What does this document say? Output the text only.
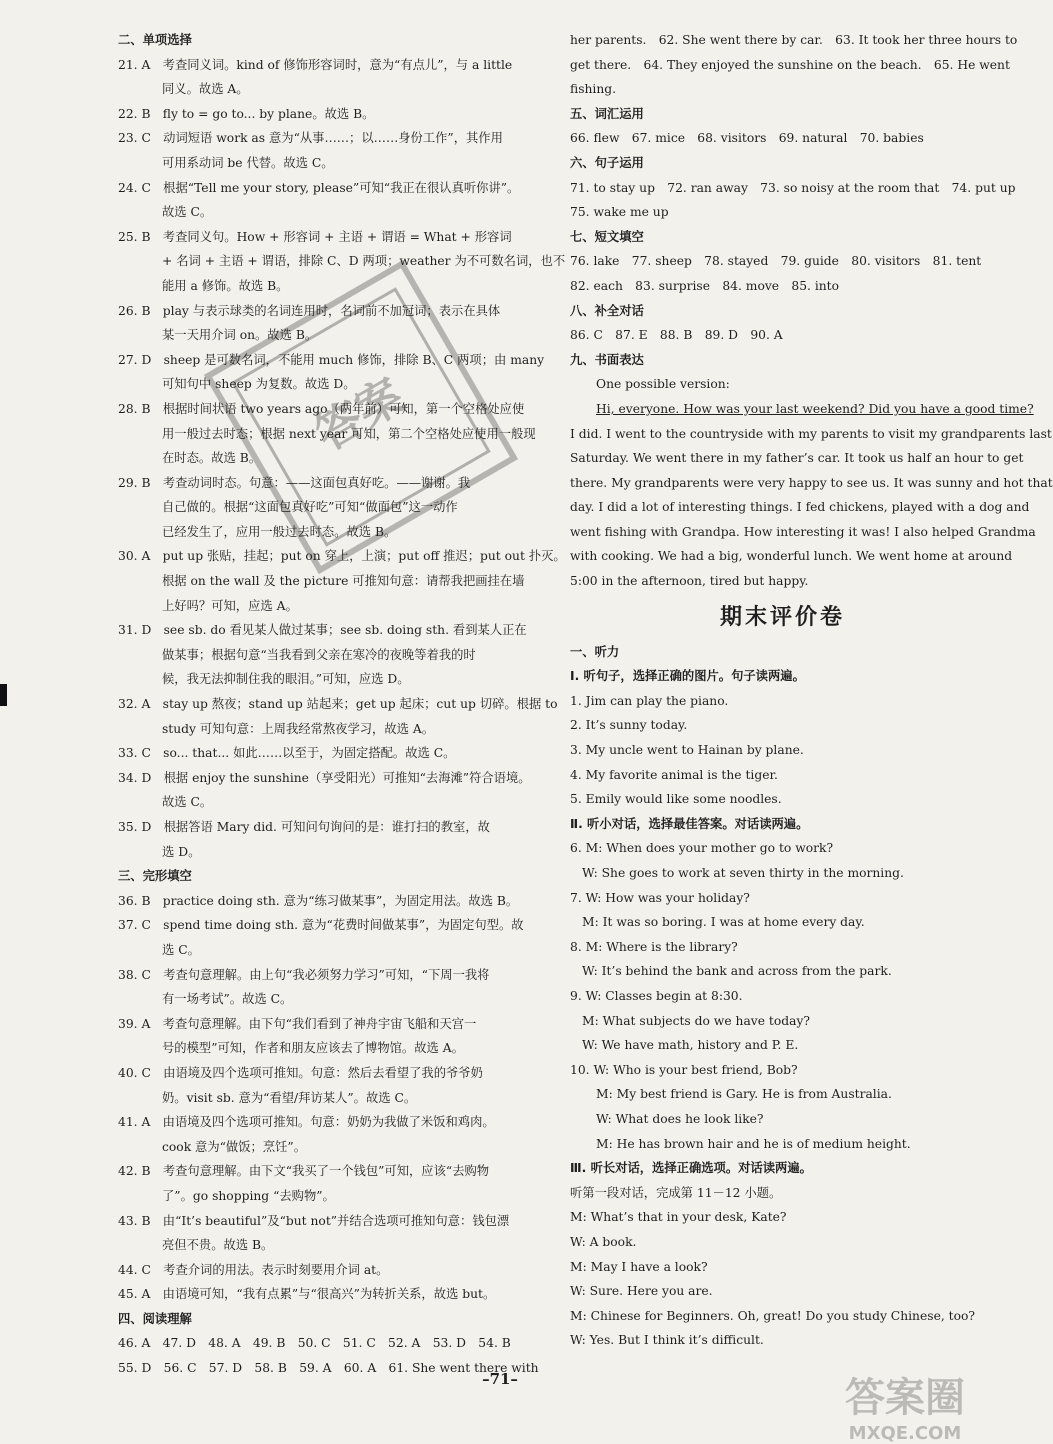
二、单项选择
21. A　考查同义词。kind of 修饰形容词时，意为“有点儿”，与 a little
同义。故选 A。
22. B　fly to = go to... by plane。故选 B。
23. C　动词短语 work as 意为“从事……；以……身份工作”，其作用
可用系动词 be 代替。故选 C。
24. C　根据“Tell me your story, please”可知“我正在很认真听你讲”。
故选 C。
25. B　考查同义句。How + 形容词 + 主语 + 谓语 = What + 形容词
+ 名词 + 主语 + 谓语，排除 C、D 两项；weather 为不可数名词，也不
能用 a 修饰。故选 B。
26. B　play 与表示球类的名词连用时，名词前不加冠词；表示在具体
某一天用介词 on。故选 B。
27. D　sheep 是可数名词，不能用 much 修饰，排除 B、C 两项；由 many
可知句中 sheep 为复数。故选 D。
28. B　根据时间状语 two years ago（两年前）可知，第一个空格处应使
用一般过去时态；根据 next year 可知，第二个空格处应使用一般现
在时态。故选 B。
29. B　考查动词时态。句意：——这面包真好吃。——谢谢。我
自己做的。根据“这面包真好吃”可知“做面包”这一动作
已经发生了，应用一般过去时态。故选 B。
30. A　put up 张贴，挂起；put on 穿上，上演；put off 推迟；put out 扑灭。
根据 on the wall 及 the picture 可推知句意：请帮我把画挂在墙
上好吗？可知，应选 A。
31. D　see sb. do 看见某人做过某事；see sb. doing sth. 看到某人正在
做某事；根据句意“当我看到父亲在寒冷的夜晚等着我的时
候，我无法抑制住我的眼泪。”可知，应选 D。
32. A　stay up 熬夜；stand up 站起来；get up 起床；cut up 切碎。根据 to
study 可知句意：上周我经常熬夜学习，故选 A。
33. C　so... that... 如此……以至于，为固定搭配。故选 C。
34. D　根据 enjoy the sunshine（享受阳光）可推知“去海滩”符合语境。
故选 C。
35. D　根据答语 Mary did. 可知问句询问的是：谁打扫的教室，故
选 D。
三、完形填空
36. B　practice doing sth. 意为“练习做某事”，为固定用法。故选 B。
37. C　spend time doing sth. 意为“花费时间做某事”，为固定句型。故
选 C。
38. C　考查句意理解。由上句“我必须努力学习”可知，“下周一我将
有一场考试”。故选 C。
39. A　考查句意理解。由下句“我们看到了神舟宇宙飞船和天宫一
号的模型”可知，作者和朋友应该去了博物馆。故选 A。
40. C　由语境及四个选项可推知。句意：然后去看望了我的爷爷奶
奶。visit sb. 意为“看望/拜访某人”。故选 C。
41. A　由语境及四个选项可推知。句意：奶奶为我做了米饭和鸡肉。
cook 意为“做饭；烹饪”。
42. B　考查句意理解。由下文“我买了一个钱包”可知，应该“去购物
了”。go shopping “去购物”。
43. B　由“It’s beautiful”及“but not”并结合选项可推知句意：钱包漂
亮但不贵。故选 B。
44. C　考查介词的用法。表示时刻要用介词 at。
45. A　由语境可知，“我有点累”与“很高兴”为转折关系，故选 but。
四、阅读理解
46. A　47. D　48. A　49. B　50. C　51. C　52. A　53. D　54. B
55. D　56. C　57. D　58. B　59. A　60. A　61. She went there with
her parents.　62. She went there by car.　63. It took her three hours to
get there.　64. They enjoyed the sunshine on the beach.　65. He went
fishing.
五、词汇运用
66. flew　67. mice　68. visitors　69. natural　70. babies
六、句子运用
71. to stay up　72. ran away　73. so noisy at the room that　74. put up
75. wake me up
七、短文填空
76. lake　77. sheep　78. stayed　79. guide　80. visitors　81. tent
82. each　83. surprise　84. move　85. into
八、补全对话
86. C　87. E　88. B　89. D　90. A
九、书面表达
One possible version:
Hi, everyone. How was your last weekend? Did you have a good time?
I did. I went to the countryside with my parents to visit my grandparents last
Saturday. We went there in my father’s car. It took us half an hour to get
there. My grandparents were very happy to see us. It was sunny and hot that
day. I did a lot of interesting things. I fed chickens, played with a dog and
went fishing with Grandpa. How interesting it was! I also helped Grandma
with cooking. We had a big, wonderful lunch. We went home at around
5:00 in the afternoon, tired but happy.
期末评价卷
一、听力
Ⅰ. 听句子，选择正确的图片。句子读两遍。
1. Jim can play the piano.
2. It’s sunny today.
3. My uncle went to Hainan by plane.
4. My favorite animal is the tiger.
5. Emily would like some noodles.
Ⅱ. 听小对话，选择最佳答案。对话读两遍。
6. M: When does your mother go to work?
W: She goes to work at seven thirty in the morning.
7. W: How was your holiday?
M: It was so boring. I was at home every day.
8. M: Where is the library?
W: It’s behind the bank and across from the park.
9. W: Classes begin at 8:30.
M: What subjects do we have today?
W: We have math, history and P. E.
10. W: Who is your best friend, Bob?
M: My best friend is Gary. He is from Australia.
W: What does he look like?
M: He has brown hair and he is of medium height.
Ⅲ. 听长对话，选择正确选项。对话读两遍。
听第一段对话，完成第 11－12 小题。
M: What’s that in your desk, Kate?
W: A book.
M: May I have a look?
W: Sure. Here you are.
M: Chinese for Beginners. Oh, great! Do you study Chinese, too?
W: Yes. But I think it’s difficult.
答案
–71–	答案圈
MXQE.COM
